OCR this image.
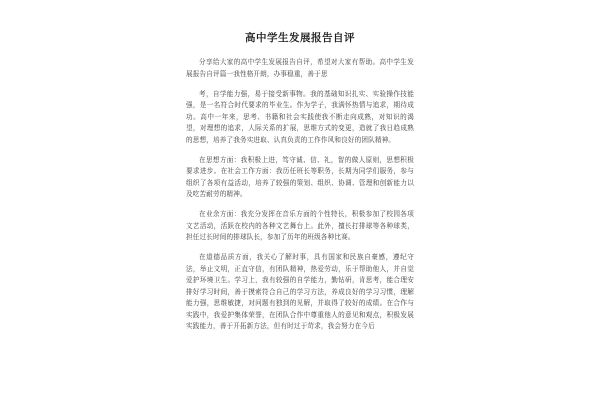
高中学生发展报告自评

分享给大家的高中学生发展报告自评，希望对大家有帮助。高中学生发展报告自评篇一我性格开朗，办事稳重，善于思

考，自学能力强，易于接受新事物。我的基础知识扎实、实验操作技能强，是一名符合时代要求的毕业生。作为学子，我满怀热情与追求，期待成功。高中一年来，思考、书籍和社会实践使我不断走向成熟，对知识的渴望，对理想的追求，人际关系的扩展，思维方式的变更，造就了我日趋成熟的思想，培养了我务实进取、认真负责的工作作风和良好的团队精神。

在思想方面：我积极上进，笃守诚、信、礼，智的做人原则，思想积极要求进步。在社会工作方面：我历任班长等职务，长期为同学们服务，参与组织了各项有益活动，培养了较强的策划、组织、协调、管理和创新能力以及吃苦耐劳的精神。

在业余方面：我充分发挥在音乐方面的个性特长，积极参加了校园各项文艺活动，活跃在校内的各种文艺舞台上。此外，擅长打排球等各种球类，担任过长时间的排球队长，参加了历年的班级各种比赛。

在道德品质方面，我关心了解时事，具有国家和民族自豪感，遵纪守法，举止文明，正直守信，有团队精神，热爱劳动，乐于帮助他人，并自觉爱护环境卫生。学习上，我有较强的自学能力，勤钻研，肯思考，能合理安排好学习时间，善于摸索符合自己的学习方法，养成良好的学习习惯，理解能力强，思维敏捷，对问题有独到的见解，并取得了较好的成绩。在合作与实践中，我爱护集体荣誉，在团队合作中尊重他人的意见和观点，积极发展实践能力，善于开拓新方法，但有时过于苛求，我会努力在今后
